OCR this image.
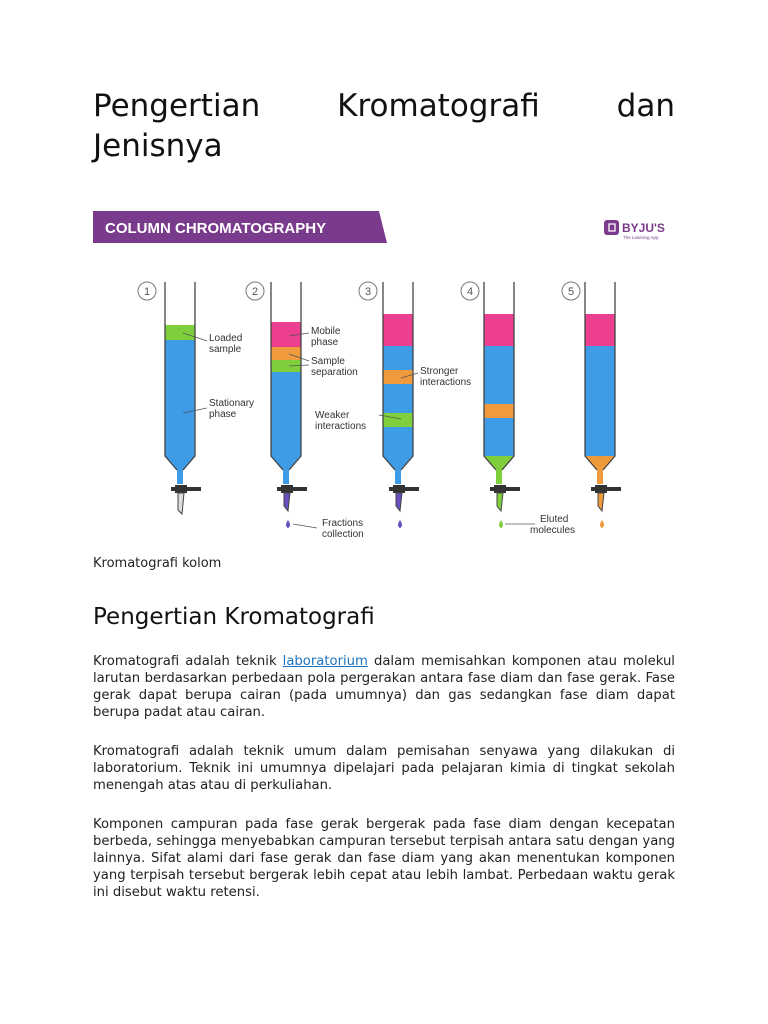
Pengertian Kromatografi dan Jenisnya
COLUMN CHROMATOGRAPHY	BYJU'S
The Learning App
1	2	3	4	5
Loaded
sample
Stationary
phase
Mobile
phase
Sample
separation
Weaker
interactions
Stronger
interactions
Fractions
collection
Eluted
molecules
Kromatografi kolom
Pengertian Kromatografi

Kromatografi adalah teknik laboratorium dalam memisahkan komponen atau molekul larutan berdasarkan perbedaan pola pergerakan antara fase diam dan fase gerak. Fase gerak dapat berupa cairan (pada umumnya) dan gas sedangkan fase diam dapat berupa padat atau cairan.

Kromatografi adalah teknik umum dalam pemisahan senyawa yang dilakukan di laboratorium. Teknik ini umumnya dipelajari pada pelajaran kimia di tingkat sekolah menengah atas atau di perkuliahan.

Komponen campuran pada fase gerak bergerak pada fase diam dengan kecepatan berbeda, sehingga menyebabkan campuran tersebut terpisah antara satu dengan yang lainnya. Sifat alami dari fase gerak dan fase diam yang akan menentukan komponen yang terpisah tersebut bergerak lebih cepat atau lebih lambat. Perbedaan waktu gerak ini disebut waktu retensi.
